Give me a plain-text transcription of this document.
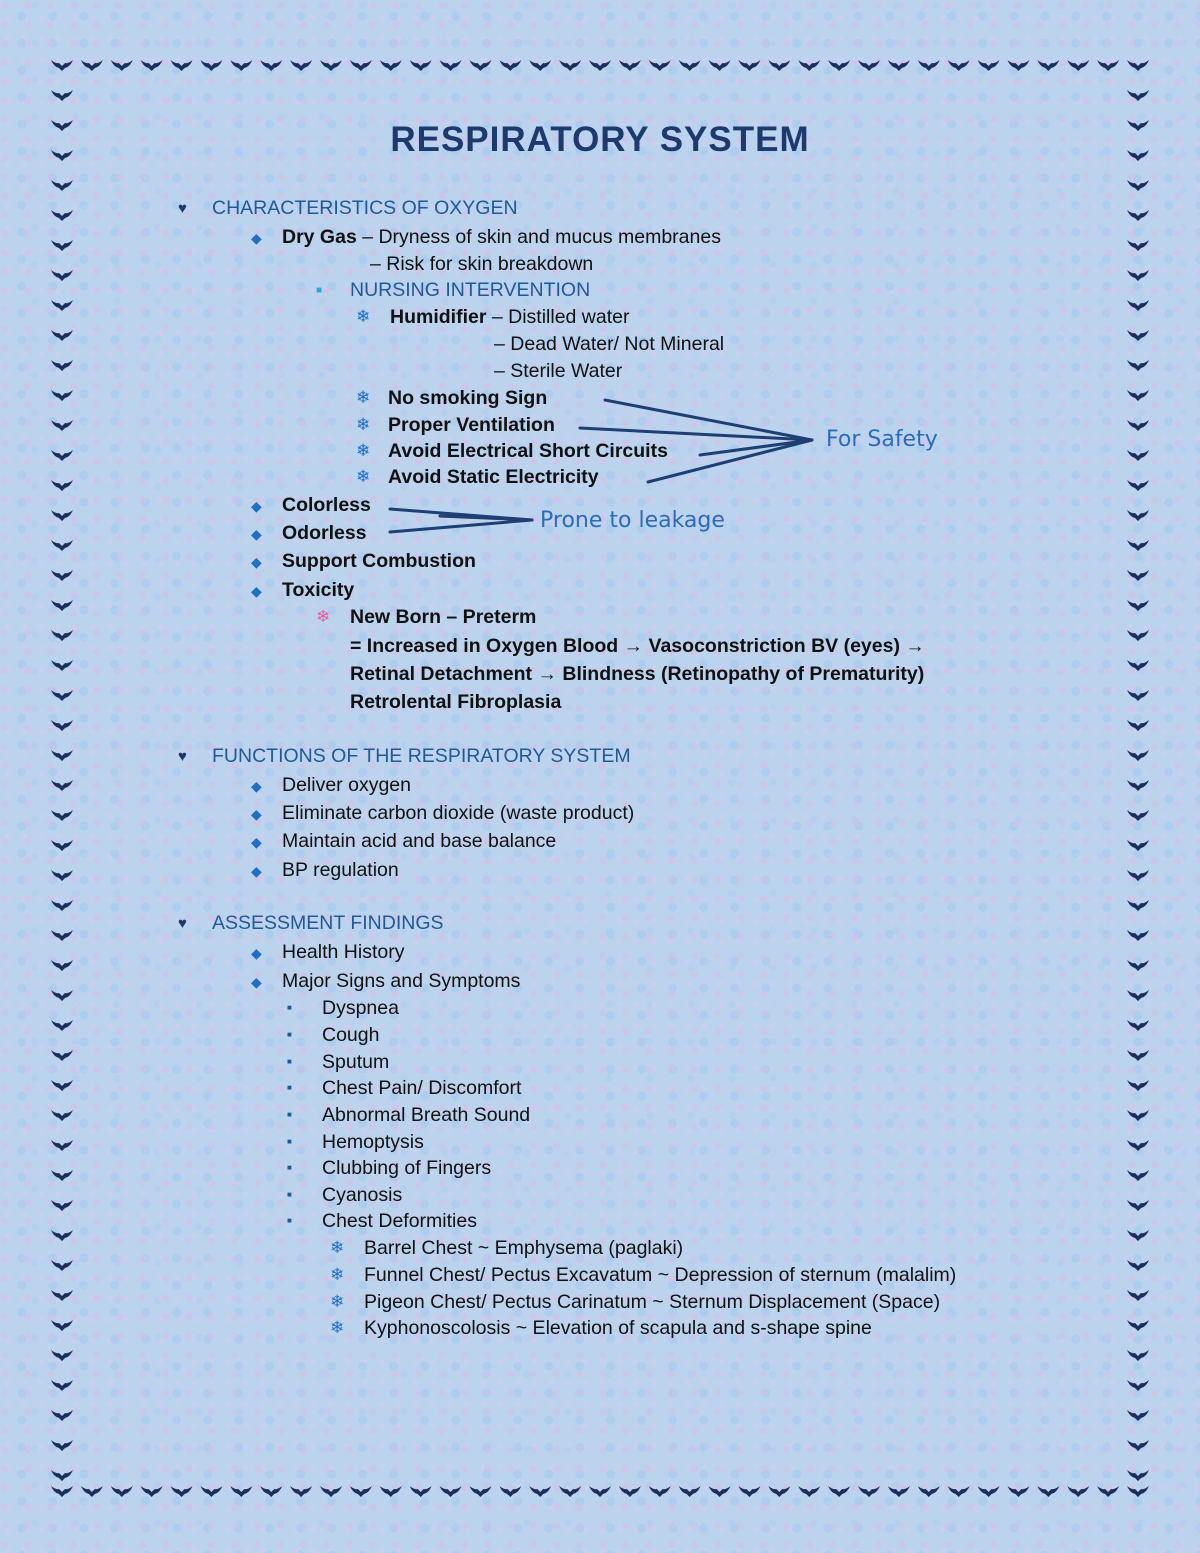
RESPIRATORY SYSTEM
♥ CHARACTERISTICS OF OXYGEN
◆ Dry Gas – Dryness of skin and mucus membranes
– Risk for skin breakdown
■ NURSING INTERVENTION
❄ Humidifier – Distilled water
– Dead Water/ Not Mineral
– Sterile Water
❄ No smoking Sign
❄ Proper Ventilation
❄ Avoid Electrical Short Circuits
❄ Avoid Static Electricity
For Safety
◆ Colorless
◆ Odorless
◆ Support Combustion
◆ Toxicity
Prone to leakage
❄ New Born – Preterm
= Increased in Oxygen Blood → Vasoconstriction BV (eyes) →
Retinal Detachment → Blindness (Retinopathy of Prematurity)
Retrolental Fibroplasia
♥ FUNCTIONS OF THE RESPIRATORY SYSTEM
◆ Deliver oxygen
◆ Eliminate carbon dioxide (waste product)
◆ Maintain acid and base balance
◆ BP regulation
♥ ASSESSMENT FINDINGS
◆ Health History
◆ Major Signs and Symptoms
■ Dyspnea
■ Cough
■ Sputum
■ Chest Pain/ Discomfort
■ Abnormal Breath Sound
■ Hemoptysis
■ Clubbing of Fingers
■ Cyanosis
■ Chest Deformities
❄ Barrel Chest ~ Emphysema (paglaki)
❄ Funnel Chest/ Pectus Excavatum ~ Depression of sternum (malalim)
❄ Pigeon Chest/ Pectus Carinatum ~ Sternum Displacement (Space)
❄ Kyphonoscolosis ~ Elevation of scapula and s-shape spine
